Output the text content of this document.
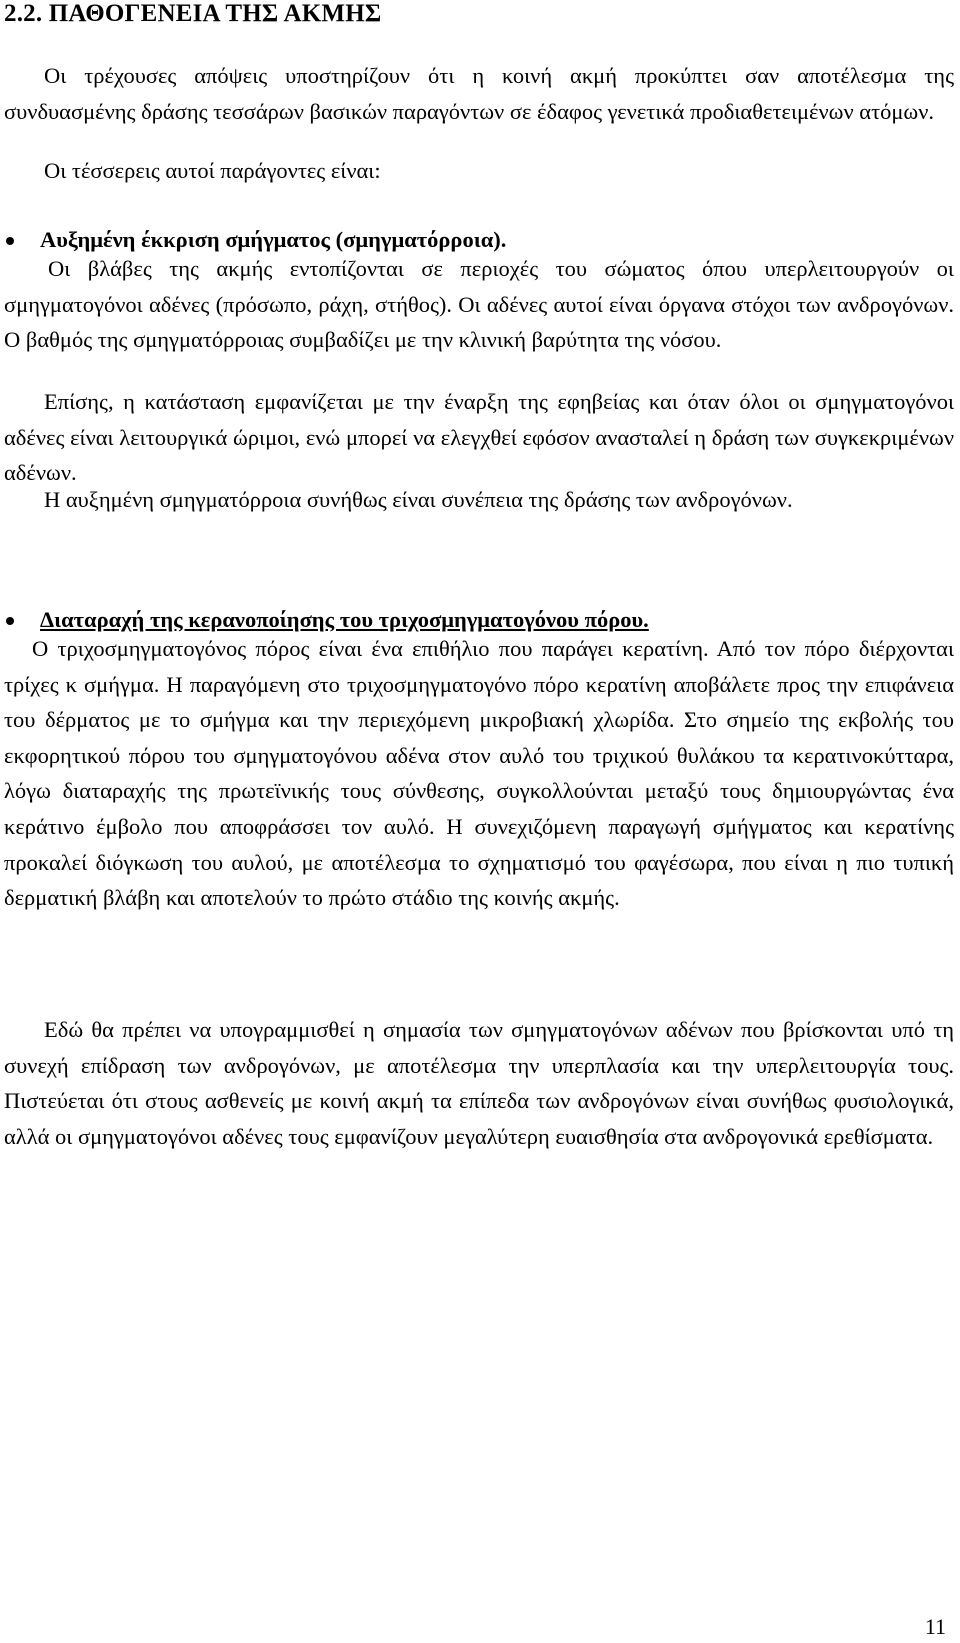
2.2. ΠΑΘΟΓΕΝΕΙΑ ΤΗΣ ΑΚΜΗΣ

Οι τρέχουσες απόψεις υποστηρίζουν ότι η κοινή ακμή προκύπτει σαν αποτέλεσμα της συνδυασμένης δράσης τεσσάρων βασικών παραγόντων σε έδαφος γενετικά προδιαθετειμένων ατόμων.

Οι τέσσερεις αυτοί παράγοντες είναι:

Αυξημένη έκκριση σμήγματος (σμηγματόρροια).

Οι βλάβες της ακμής εντοπίζονται σε περιοχές του σώματος όπου υπερλειτουργούν οι σμηγματογόνοι αδένες (πρόσωπο, ράχη, στήθος). Οι αδένες αυτοί είναι όργανα στόχοι των ανδρογόνων. Ο βαθμός της σμηγματόρροιας συμβαδίζει με την κλινική βαρύτητα της νόσου.

Επίσης, η κατάσταση εμφανίζεται με την έναρξη της εφηβείας και όταν όλοι οι σμηγματογόνοι αδένες είναι λειτουργικά ώριμοι, ενώ μπορεί να ελεγχθεί εφόσον ανασταλεί η δράση των συγκεκριμένων αδένων.

Η αυξημένη σμηγματόρροια συνήθως είναι συνέπεια της δράσης των ανδρογόνων.

Διαταραχή της κερανοποίησης του τριχοσμηγματογόνου πόρου.

Ο τριχοσμηγματογόνος πόρος είναι ένα επιθήλιο που παράγει κερατίνη. Από τον πόρο διέρχονται τρίχες κ σμήγμα. Η παραγόμενη στο τριχοσμηγματογόνο πόρο κερατίνη αποβάλετε προς την επιφάνεια του δέρματος με το σμήγμα και την περιεχόμενη μικροβιακή χλωρίδα. Στο σημείο της εκβολής του εκφορητικού πόρου του σμηγματογόνου αδένα στον αυλό του τριχικού θυλάκου τα κερατινοκύτταρα, λόγω διαταραχής της πρωτεϊνικής τους σύνθεσης, συγκολλούνται μεταξύ τους δημιουργώντας ένα κεράτινο έμβολο που αποφράσσει τον αυλό. Η συνεχιζόμενη παραγωγή σμήγματος και κερατίνης προκαλεί διόγκωση του αυλού, με αποτέλεσμα το σχηματισμό του φαγέσωρα, που είναι η πιο τυπική δερματική βλάβη και αποτελούν το πρώτο στάδιο της κοινής ακμής.

Εδώ θα πρέπει να υπογραμμισθεί η σημασία των σμηγματογόνων αδένων που βρίσκονται υπό τη συνεχή επίδραση των ανδρογόνων, με αποτέλεσμα την υπερπλασία και την υπερλειτουργία τους. Πιστεύεται ότι στους ασθενείς με κοινή ακμή τα επίπεδα των ανδρογόνων είναι συνήθως φυσιολογικά, αλλά οι σμηγματογόνοι αδένες τους εμφανίζουν μεγαλύτερη ευαισθησία στα ανδρογονικά ερεθίσματα.

11
